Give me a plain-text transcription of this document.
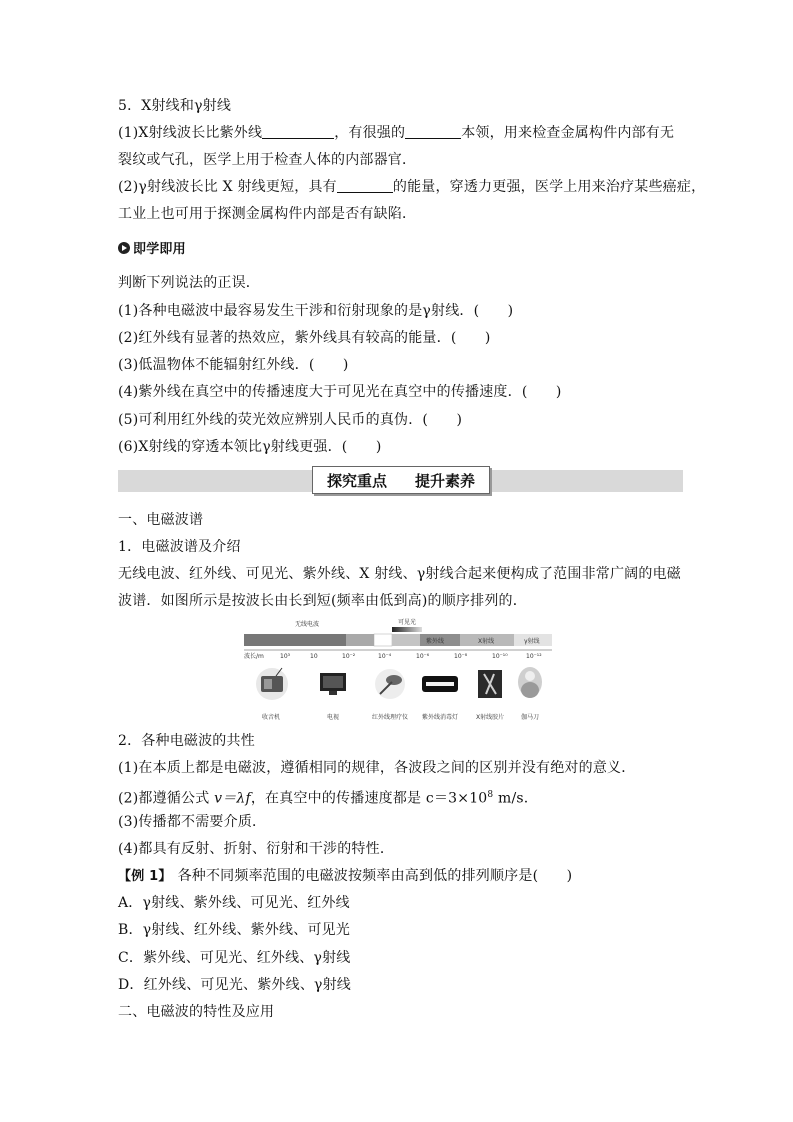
5．X射线和γ射线
(1)X射线波长比紫外线	，有很强的	本领，用来检查金属构件内部有无
裂纹或气孔，医学上用于检查人体的内部器官．
(2)γ射线波长比 X 射线更短，具有	的能量，穿透力更强，医学上用来治疗某些癌症，
工业上也可用于探测金属构件内部是否有缺陷．
即学即用
判断下列说法的正误．
(1)各种电磁波中最容易发生干涉和衍射现象的是γ射线．(　　)
(2)红外线有显著的热效应，紫外线具有较高的能量．(　　)
(3)低温物体不能辐射红外线．(　　)
(4)紫外线在真空中的传播速度大于可见光在真空中的传播速度．(　　)
(5)可利用红外线的荧光效应辨别人民币的真伪．(　　)
(6)X射线的穿透本领比γ射线更强．(　　)
探究重点 提升素养
一、电磁波谱
1．电磁波谱及介绍
无线电波、红外线、可见光、紫外线、X 射线、γ射线合起来便构成了范围非常广阔的电磁
波谱．如图所示是按波长由长到短(频率由低到高)的顺序排列的．
无线电波	可见光
紫外线	X射线	γ射线
波长/m	10³	10	10⁻²	10⁻⁴	10⁻⁶	10⁻⁸	10⁻¹⁰	10⁻¹²
收音机	电视	红外线理疗仪 紫外线消毒灯	X射线胶片	伽马刀
2．各种电磁波的共性
(1)在本质上都是电磁波，遵循相同的规律，各波段之间的区别并没有绝对的意义．
(2)都遵循公式 v＝λf，在真空中的传播速度都是 $c=3\times 10^8$ m/s.
(3)传播都不需要介质．
(4)都具有反射、折射、衍射和干涉的特性．
【例 1】 各种不同频率范围的电磁波按频率由高到低的排列顺序是(　　)
A．γ射线、紫外线、可见光、红外线
B．γ射线、红外线、紫外线、可见光
C．紫外线、可见光、红外线、γ射线
D．红外线、可见光、紫外线、γ射线
二、电磁波的特性及应用
